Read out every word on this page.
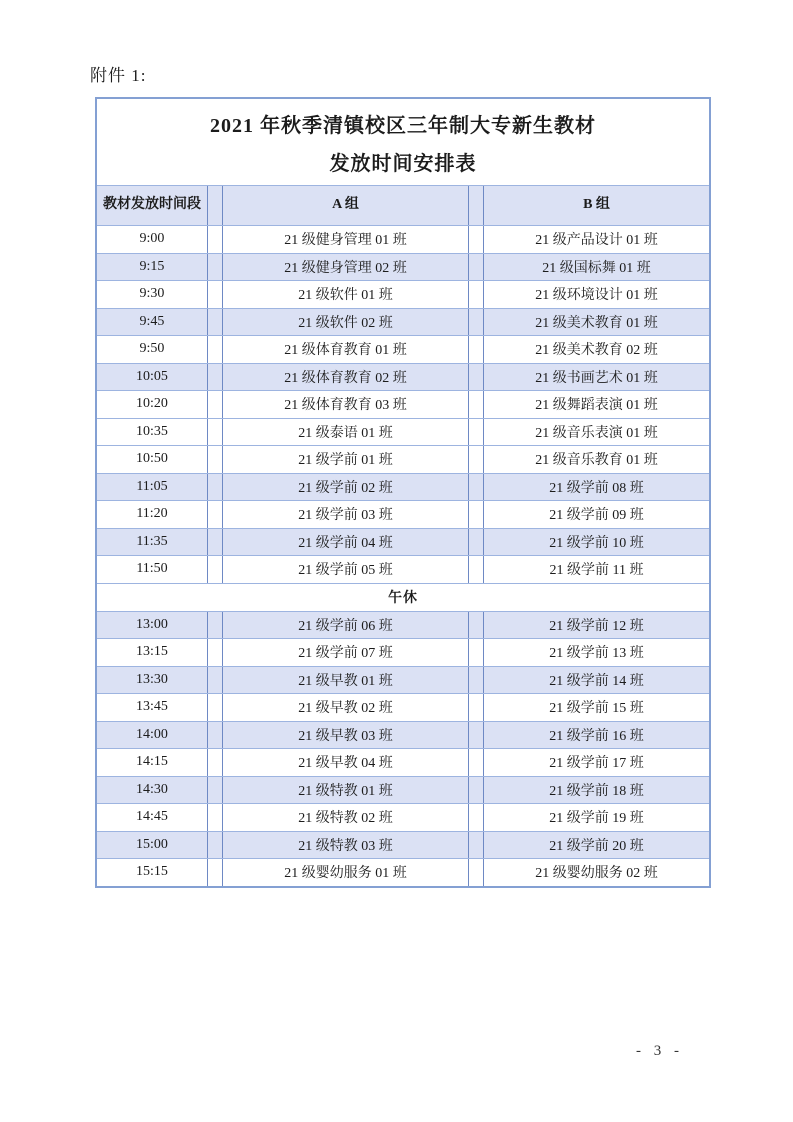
附件 1:
2021 年秋季清镇校区三年制大专新生教材
发放时间安排表
教材发放时间段	A 组	B 组
9:00	21 级健身管理 01 班	21 级产品设计 01 班
9:15	21 级健身管理 02 班	21 级国标舞 01 班
9:30	21 级软件 01 班	21 级环境设计 01 班
9:45	21 级软件 02 班	21 级美术教育 01 班
9:50	21 级体育教育 01 班	21 级美术教育 02 班
10:05	21 级体育教育 02 班	21 级书画艺术 01 班
10:20	21 级体育教育 03 班	21 级舞蹈表演 01 班
10:35	21 级泰语 01 班	21 级音乐表演 01 班
10:50	21 级学前 01 班	21 级音乐教育 01 班
11:05	21 级学前 02 班	21 级学前 08 班
11:20	21 级学前 03 班	21 级学前 09 班
11:35	21 级学前 04 班	21 级学前 10 班
11:50	21 级学前 05 班	21 级学前 11 班
午休
13:00	21 级学前 06 班	21 级学前 12 班
13:15	21 级学前 07 班	21 级学前 13 班
13:30	21 级早教 01 班	21 级学前 14 班
13:45	21 级早教 02 班	21 级学前 15 班
14:00	21 级早教 03 班	21 级学前 16 班
14:15	21 级早教 04 班	21 级学前 17 班
14:30	21 级特教 01 班	21 级学前 18 班
14:45	21 级特教 02 班	21 级学前 19 班
15:00	21 级特教 03 班	21 级学前 20 班
15:15	21 级婴幼服务 01 班	21 级婴幼服务 02 班
- 3 -
